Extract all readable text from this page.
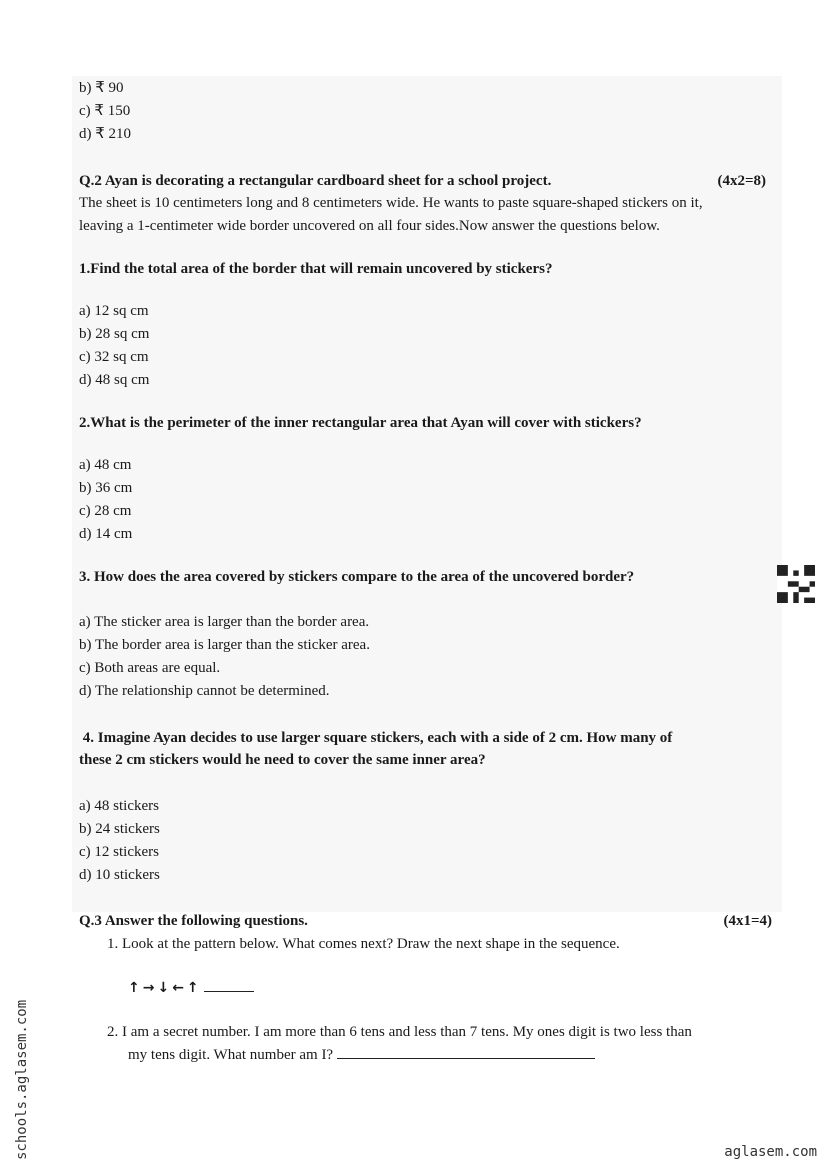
b) ₹ 90
c) ₹ 150
d) ₹ 210
Q.2 Ayan is decorating a rectangular cardboard sheet for a school project.	(4x2=8)
The sheet is 10 centimeters long and 8 centimeters wide. He wants to paste square-shaped stickers on it,
leaving a 1-centimeter wide border uncovered on all four sides.Now answer the questions below.
1.Find the total area of the border that will remain uncovered by stickers?
a) 12 sq cm
b) 28 sq cm
c) 32 sq cm
d) 48 sq cm
2.What is the perimeter of the inner rectangular area that Ayan will cover with stickers?
a) 48 cm
b) 36 cm
c) 28 cm
d) 14 cm
3. How does the area covered by stickers compare to the area of the uncovered border?
a) The sticker area is larger than the border area.
b) The border area is larger than the sticker area.
c) Both areas are equal.
d) The relationship cannot be determined.
4. Imagine Ayan decides to use larger square stickers, each with a side of 2 cm. How many of
these 2 cm stickers would he need to cover the same inner area?
a) 48 stickers
b) 24 stickers
c) 12 stickers
d) 10 stickers
Q.3 Answer the following questions.	(4x1=4)
1. Look at the pattern below. What comes next? Draw the next shape in the sequence.
↑→↓←↑
2. I am a secret number. I am more than 6 tens and less than 7 tens. My ones digit is two less than
my tens digit. What number am I?
schools.aglasem.com	aglasem.com
